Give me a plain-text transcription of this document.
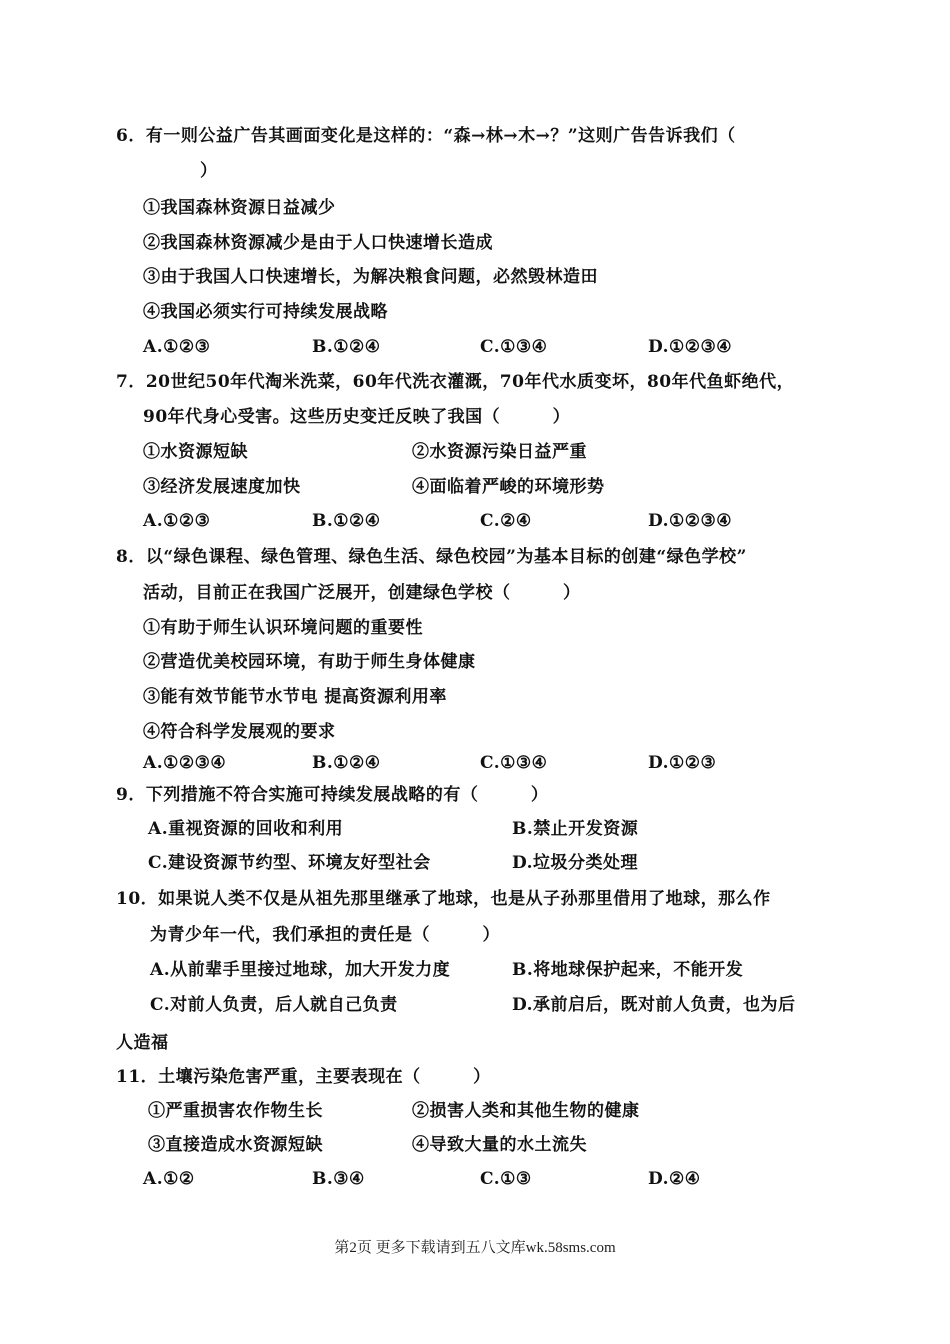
6．有一则公益广告其画面变化是这样的：“森→林→木→？”这则广告告诉我们（
）
①我国森林资源日益减少
②我国森林资源减少是由于人口快速增长造成
③由于我国人口快速增长，为解决粮食问题，必然毁林造田
④我国必须实行可持续发展战略
A.①②③	B.①②④	C.①③④	D.①②③④
7．20世纪50年代淘米洗菜，60年代洗衣灌溉，70年代水质变坏，80年代鱼虾绝代，
90年代身心受害。这些历史变迁反映了我国（　　　）
①水资源短缺	②水资源污染日益严重
③经济发展速度加快	④面临着严峻的环境形势
A.①②③	B.①②④	C.②④	D.①②③④
8．以“绿色课程、绿色管理、绿色生活、绿色校园”为基本目标的创建“绿色学校”
活动，目前正在我国广泛展开，创建绿色学校（　　　）
①有助于师生认识环境问题的重要性
②营造优美校园环境，有助于师生身体健康
③能有效节能节水节电 提高资源利用率
④符合科学发展观的要求
A.①②③④	B.①②④	C.①③④	D.①②③
9．下列措施不符合实施可持续发展战略的有（　　　）
A.重视资源的回收和利用	B.禁止开发资源
C.建设资源节约型、环境友好型社会	D.垃圾分类处理
10．如果说人类不仅是从祖先那里继承了地球，也是从子孙那里借用了地球，那么作
为青少年一代，我们承担的责任是（　　　）
A.从前辈手里接过地球，加大开发力度	B.将地球保护起来，不能开发
C.对前人负责，后人就自己负责	D.承前启后，既对前人负责，也为后
人造福
11．土壤污染危害严重，主要表现在（　　　）
①严重损害农作物生长	②损害人类和其他生物的健康
③直接造成水资源短缺	④导致大量的水土流失
A.①②	B.③④	C.①③	D.②④
第2页 更多下载请到五八文库wk.58sms.com
